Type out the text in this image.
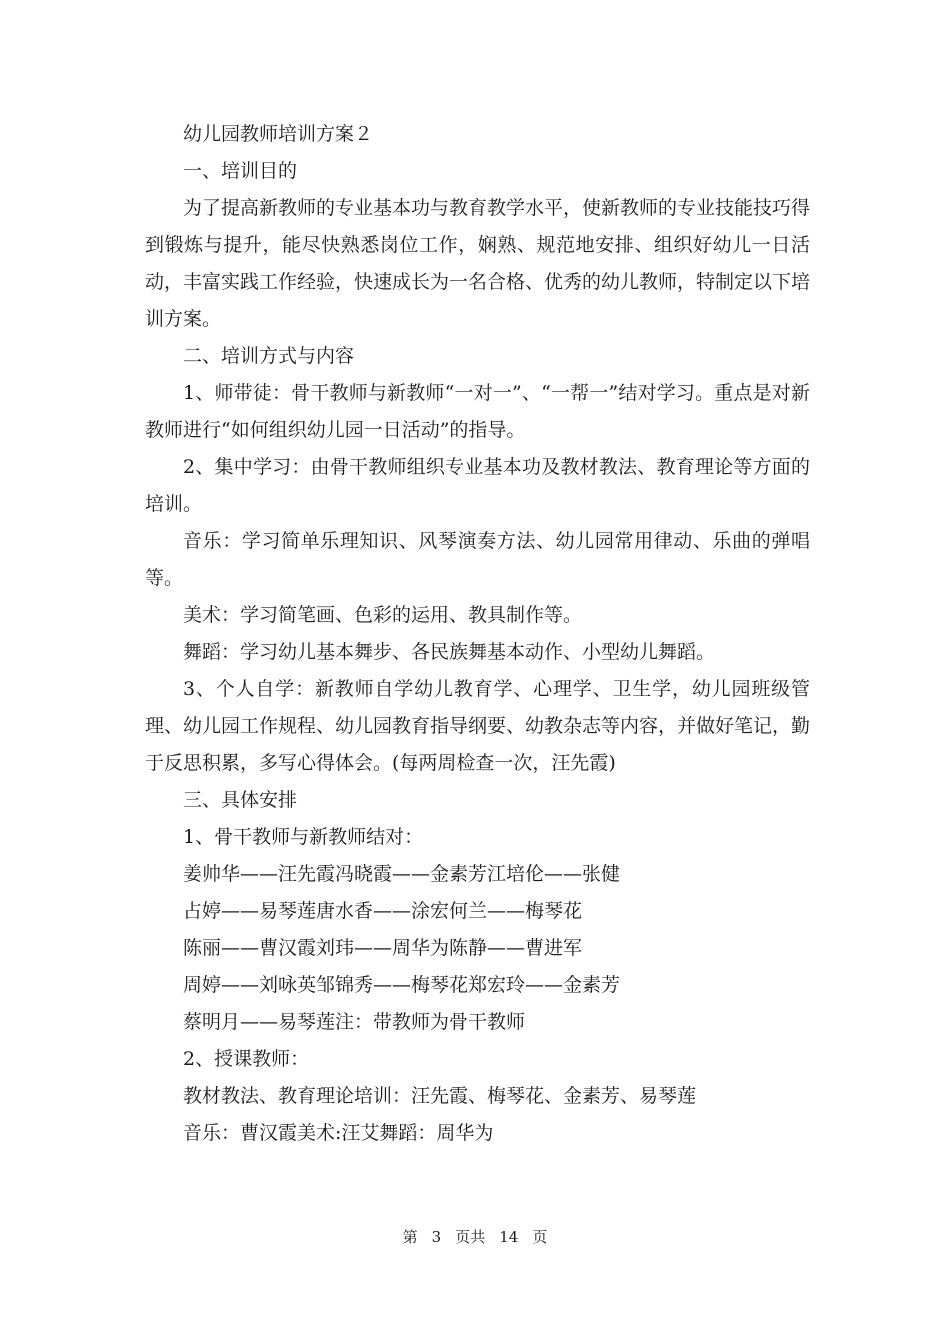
幼儿园教师培训方案２

一、培训目的

为了提高新教师的专业基本功与教育教学水平，使新教师的专业技能技巧得到锻炼与提升，能尽快熟悉岗位工作，娴熟、规范地安排、组织好幼儿一日活动，丰富实践工作经验，快速成长为一名合格、优秀的幼儿教师，特制定以下培训方案。

二、培训方式与内容

1、师带徒：骨干教师与新教师“一对一”、“一帮一”结对学习。重点是对新教师进行“如何组织幼儿园一日活动”的指导。

2、集中学习：由骨干教师组织专业基本功及教材教法、教育理论等方面的培训。

音乐：学习简单乐理知识、风琴演奏方法、幼儿园常用律动、乐曲的弹唱等。

美术：学习简笔画、色彩的运用、教具制作等。

舞蹈：学习幼儿基本舞步、各民族舞基本动作、小型幼儿舞蹈。

3、个人自学：新教师自学幼儿教育学、心理学、卫生学，幼儿园班级管理、幼儿园工作规程、幼儿园教育指导纲要、幼教杂志等内容，并做好笔记，勤于反思积累，多写心得体会。(每两周检查一次，汪先霞)

三、具体安排

1、骨干教师与新教师结对：

姜帅华——汪先霞冯晓霞——金素芳江培伦——张健

占婷——易琴莲唐水香——涂宏何兰——梅琴花

陈丽——曹汉霞刘玮——周华为陈静——曹进军

周婷——刘咏英邹锦秀——梅琴花郑宏玲——金素芳

蔡明月——易琴莲注：带教师为骨干教师

2、授课教师：

教材教法、教育理论培训：汪先霞、梅琴花、金素芳、易琴莲

音乐：曹汉霞美术:汪艾舞蹈：周华为

第 3 页共 14 页
